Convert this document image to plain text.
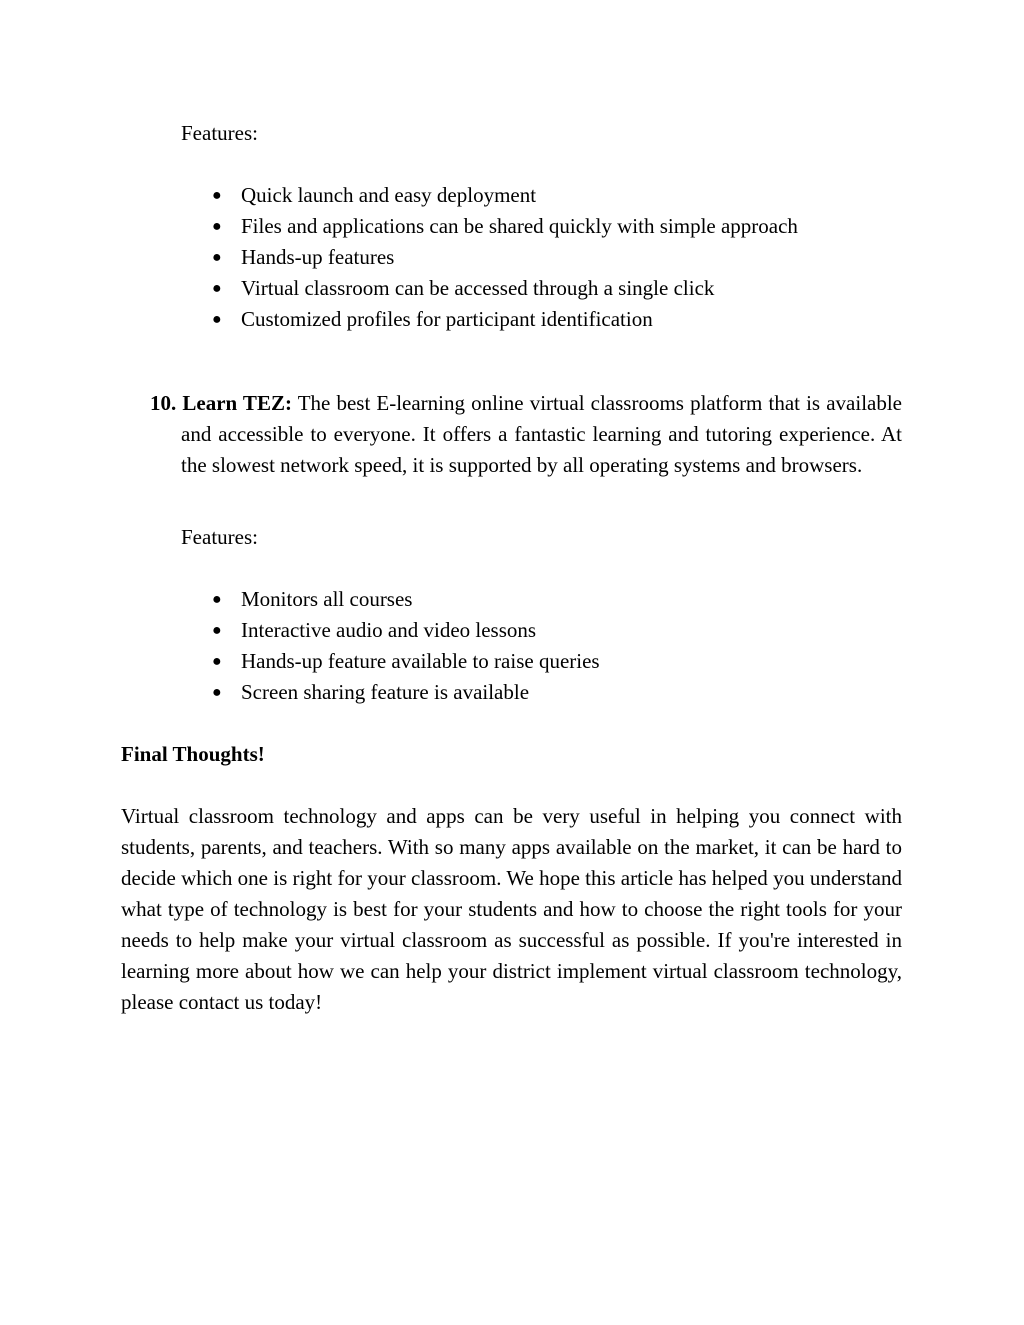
Features:

● Quick launch and easy deployment
● Files and applications can be shared quickly with simple approach
● Hands-up features
● Virtual classroom can be accessed through a single click
● Customized profiles for participant identification

10. Learn TEZ: The best E-learning online virtual classrooms platform that is available and accessible to everyone. It offers a fantastic learning and tutoring experience. At the slowest network speed, it is supported by all operating systems and browsers.

Features:

● Monitors all courses
● Interactive audio and video lessons
● Hands-up feature available to raise queries
● Screen sharing feature is available

Final Thoughts!

Virtual classroom technology and apps can be very useful in helping you connect with students, parents, and teachers. With so many apps available on the market, it can be hard to decide which one is right for your classroom. We hope this article has helped you understand what type of technology is best for your students and how to choose the right tools for your needs to help make your virtual classroom as successful as possible. If you're interested in learning more about how we can help your district implement virtual classroom technology, please contact us today!
